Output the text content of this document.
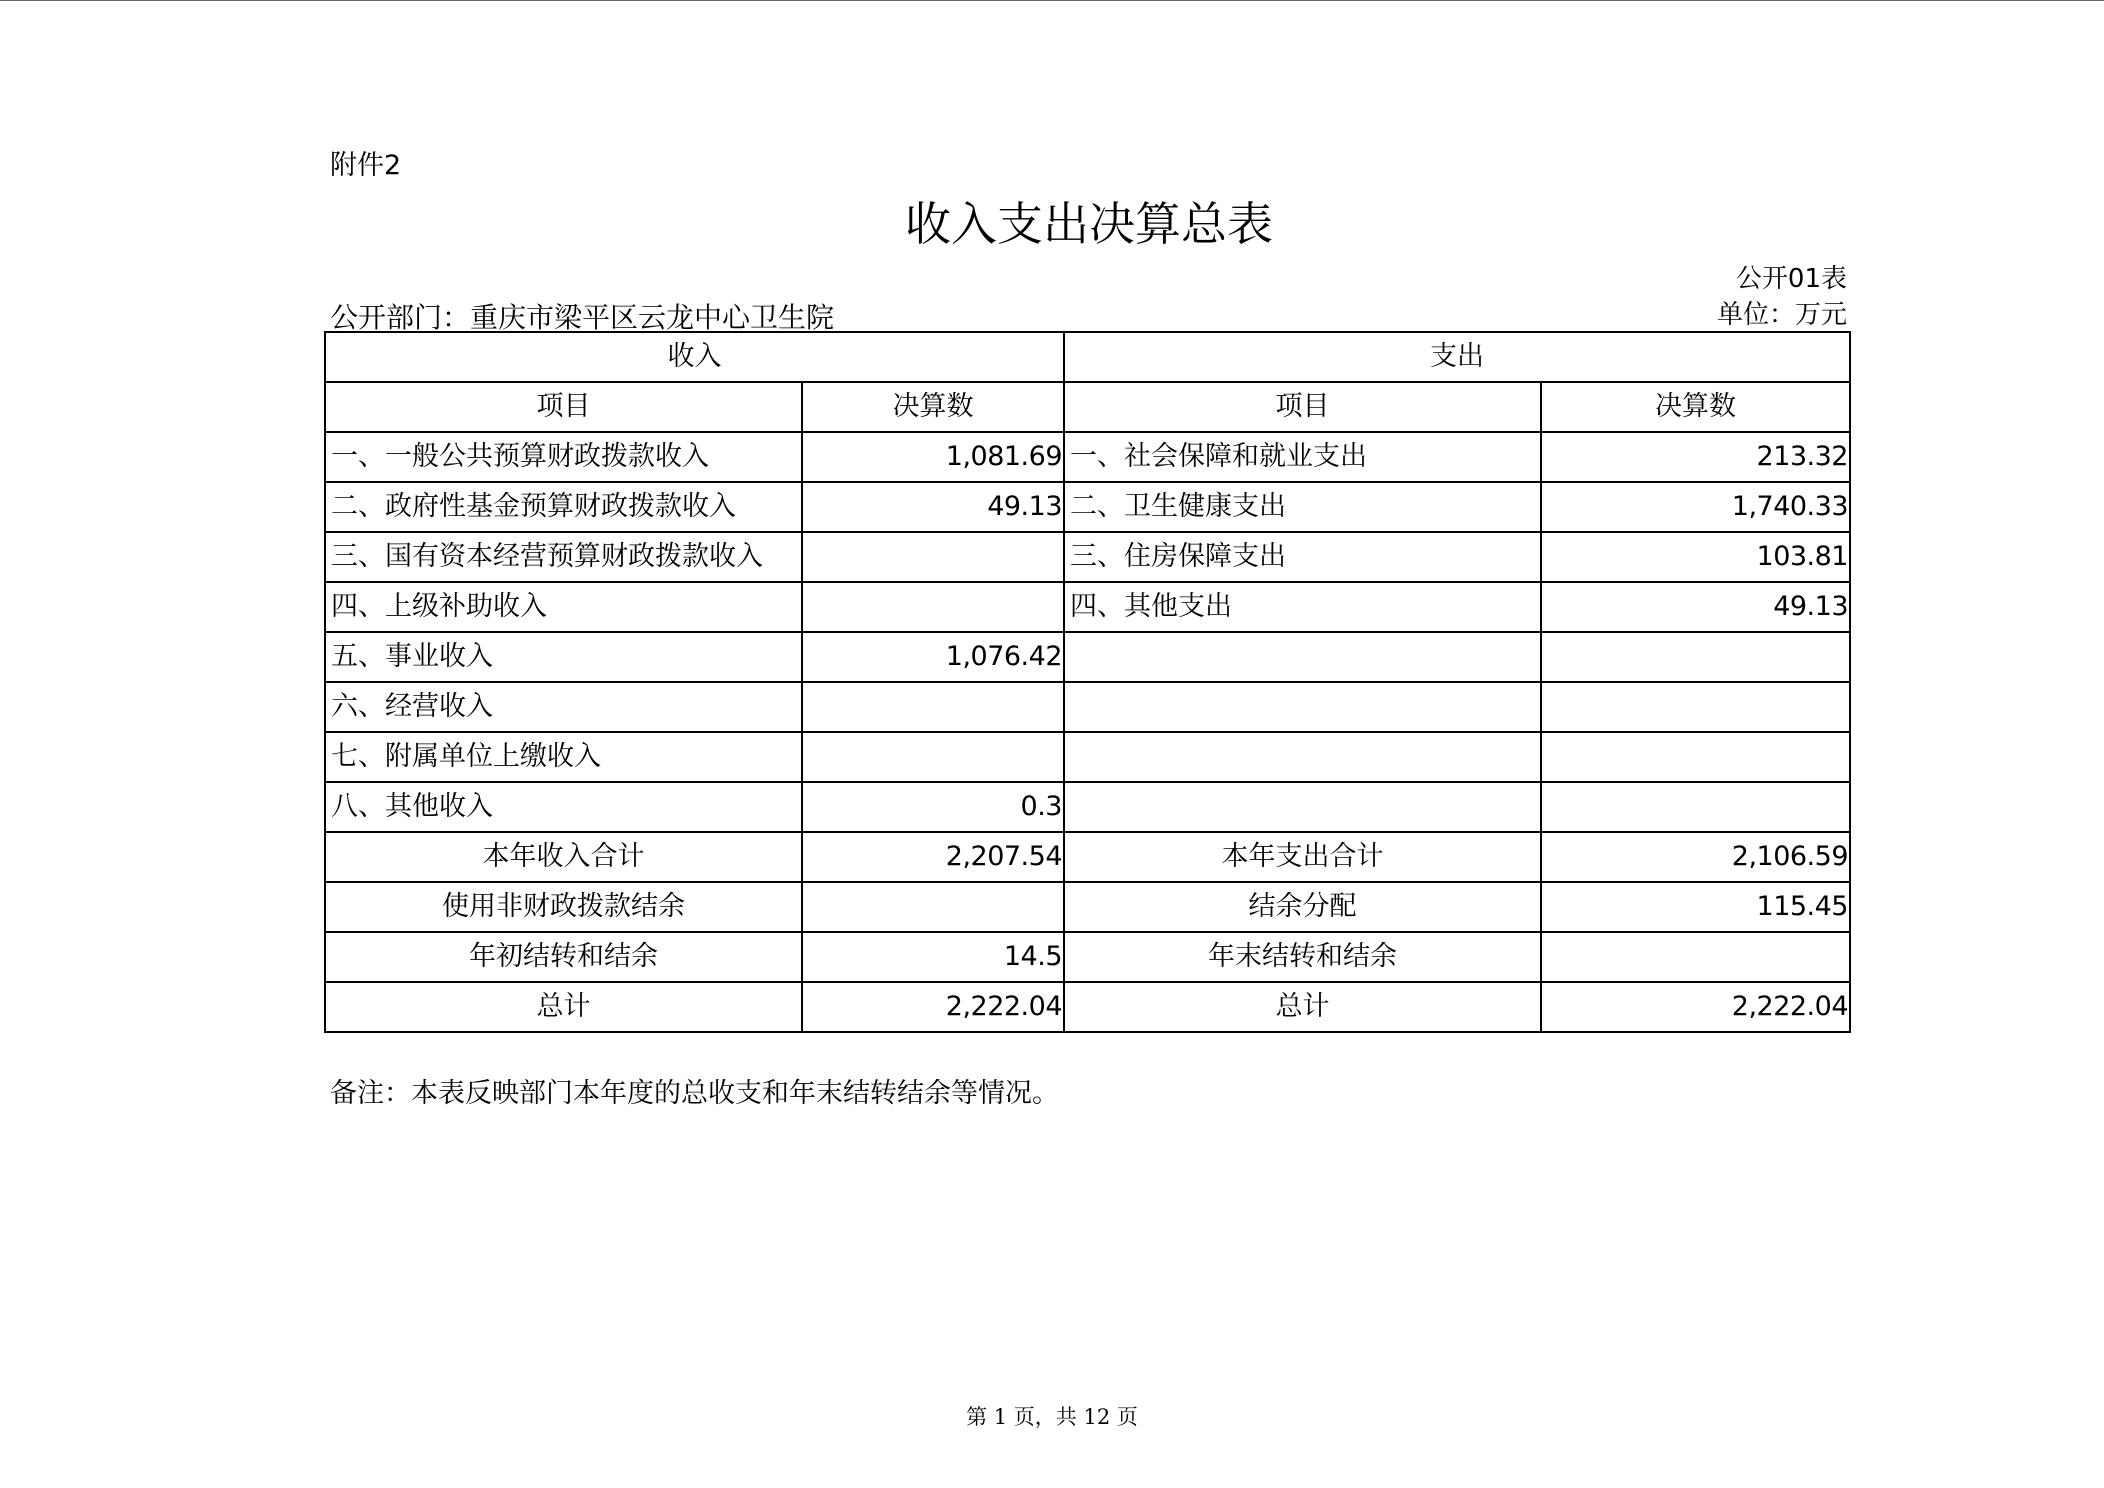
附件2
收入支出决算总表
公开01表
公开部门：重庆市梁平区云龙中心卫生院	单位：万元
收入		支出	
项目	决算数	项目	决算数
一、一般公共预算财政拨款收入	1,081.69	一、社会保障和就业支出	213.32
二、政府性基金预算财政拨款收入	49.13	二、卫生健康支出	1,740.33
三、国有资本经营预算财政拨款收入		三、住房保障支出	103.81
四、上级补助收入		四、其他支出	49.13
五、事业收入	1,076.42		
六、经营收入			
七、附属单位上缴收入			
八、其他收入	0.3		
本年收入合计	2,207.54	本年支出合计	2,106.59
使用非财政拨款结余		结余分配	115.45
年初结转和结余	14.5	年末结转和结余	
总计	2,222.04	总计	2,222.04
备注：本表反映部门本年度的总收支和年末结转结余等情况。
第 1 页，共 12 页
